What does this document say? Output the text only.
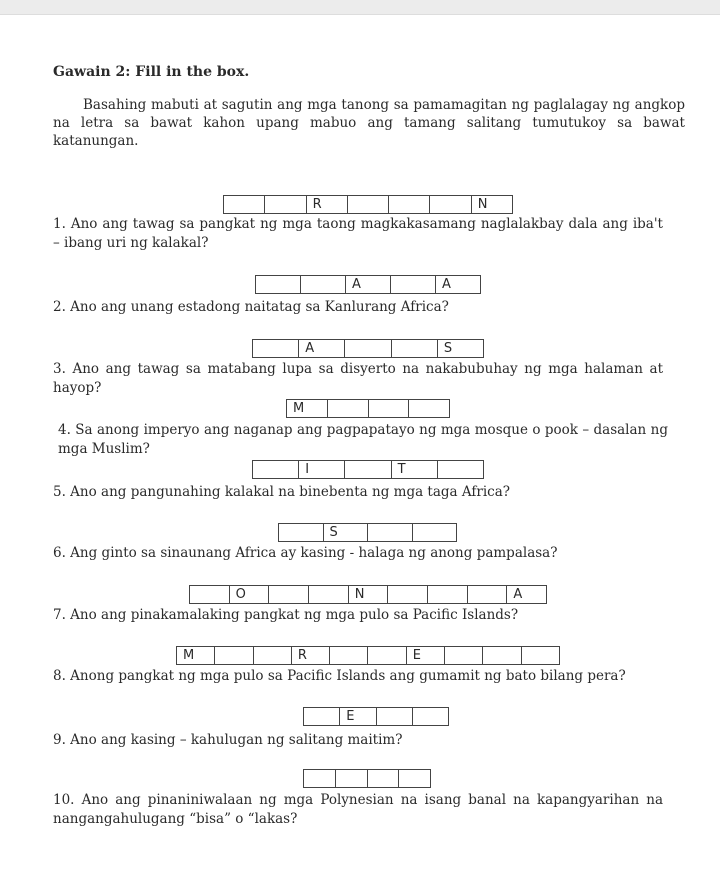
Gawain 2: Fill in the box.
Basahing mabuti at sagutin ang mga tanong sa pamamagitan ng paglalagay ng angkop na letra sa bawat kahon upang mabuo ang tamang salitang tumutukoy sa bawat katanungan.
R	N
1. Ano ang tawag sa pangkat ng mga taong magkakasamang naglalakbay dala ang iba't – ibang uri ng kalakal?
A	A
2. Ano ang unang estadong naitatag sa Kanlurang Africa?
A	S
3. Ano ang tawag sa matabang lupa sa disyerto na nakabubuhay ng mga halaman at hayop?
M
4. Sa anong imperyo ang naganap ang pagpapatayo ng mga mosque o pook – dasalan ng mga Muslim?
I	T
5. Ano ang pangunahing kalakal na binebenta ng mga taga Africa?
S
6. Ang ginto sa sinaunang Africa ay kasing - halaga ng anong pampalasa?
O	N	A
7. Ano ang pinakamalaking pangkat ng mga pulo sa Pacific Islands?
M	R	E
8. Anong pangkat ng mga pulo sa Pacific Islands ang gumamit ng bato bilang pera?
E
9. Ano ang kasing – kahulugan ng salitang maitim?
10. Ano ang pinaniniwalaan ng mga Polynesian na isang banal na kapangyarihan na nangangahulugang “bisa” o “lakas?
